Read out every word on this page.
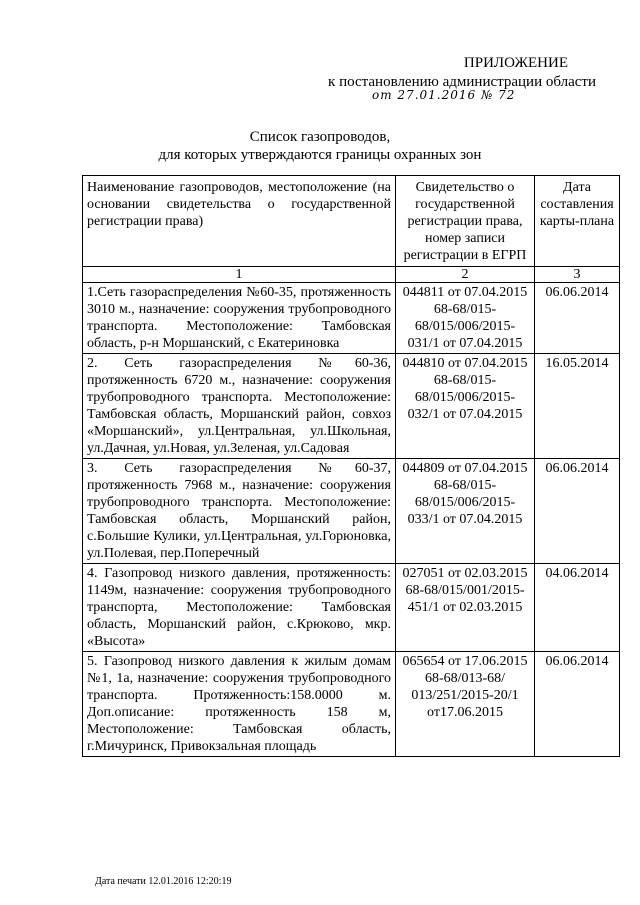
ПРИЛОЖЕНИЕ
к постановлению администрации области
от 27.01.2016 № 72
Список газопроводов,
для которых утверждаются границы охранных зон
Наименование газопроводов, местоположение (на основании свидетельства о государственной регистрации права)	Свидетельство о государственной регистрации права, номер записи регистрации в ЕГРП	Дата составления карты-плана
1	2	3
1.Сеть газораспределения №60-35, протяженность 3010 м., назначение: сооружения трубопроводного транспорта. Местоположение: Тамбовская область, р-н Моршанский, с Екатериновка	044811 от 07.04.2015 68-68/015-68/015/006/2015-031/1 от 07.04.2015	06.06.2014
2. Сеть газораспределения №60-36, протяженность 6720 м., назначение: сооружения трубопроводного транспорта. Местоположение: Тамбовская область, Моршанский район, совхоз «Моршанский», ул.Центральная, ул.Школьная, ул.Дачная, ул.Новая, ул.Зеленая, ул.Садовая	044810 от 07.04.2015 68-68/015-68/015/006/2015-032/1 от 07.04.2015	16.05.2014
3. Сеть газораспределения №60-37, протяженность 7968 м., назначение: сооружения трубопроводного транспорта. Местоположение: Тамбовская область, Моршанский район, с.Большие Кулики, ул.Центральная, ул.Горюновка, ул.Полевая, пер.Поперечный	044809 от 07.04.2015 68-68/015-68/015/006/2015-033/1 от 07.04.2015	06.06.2014
4. Газопровод низкого давления, протяженность: 1149м, назначение: сооружения трубопроводного транспорта, Местоположение: Тамбовская область, Моршанский район, с.Крюково, мкр. «Высота»	027051 от 02.03.2015 68-68/015/001/2015-451/1 от 02.03.2015	04.06.2014
5. Газопровод низкого давления к жилым домам №1, 1а, назначение: сооружения трубопроводного транспорта. Протяженность:158.0000 м. Доп.описание: протяженность 158 м, Местоположение: Тамбовская область, г.Мичуринск, Привокзальная площадь	065654 от 17.06.2015 68-68/013-68/ 013/251/2015-20/1 от17.06.2015	06.06.2014
Дата печати 12.01.2016 12:20:19
